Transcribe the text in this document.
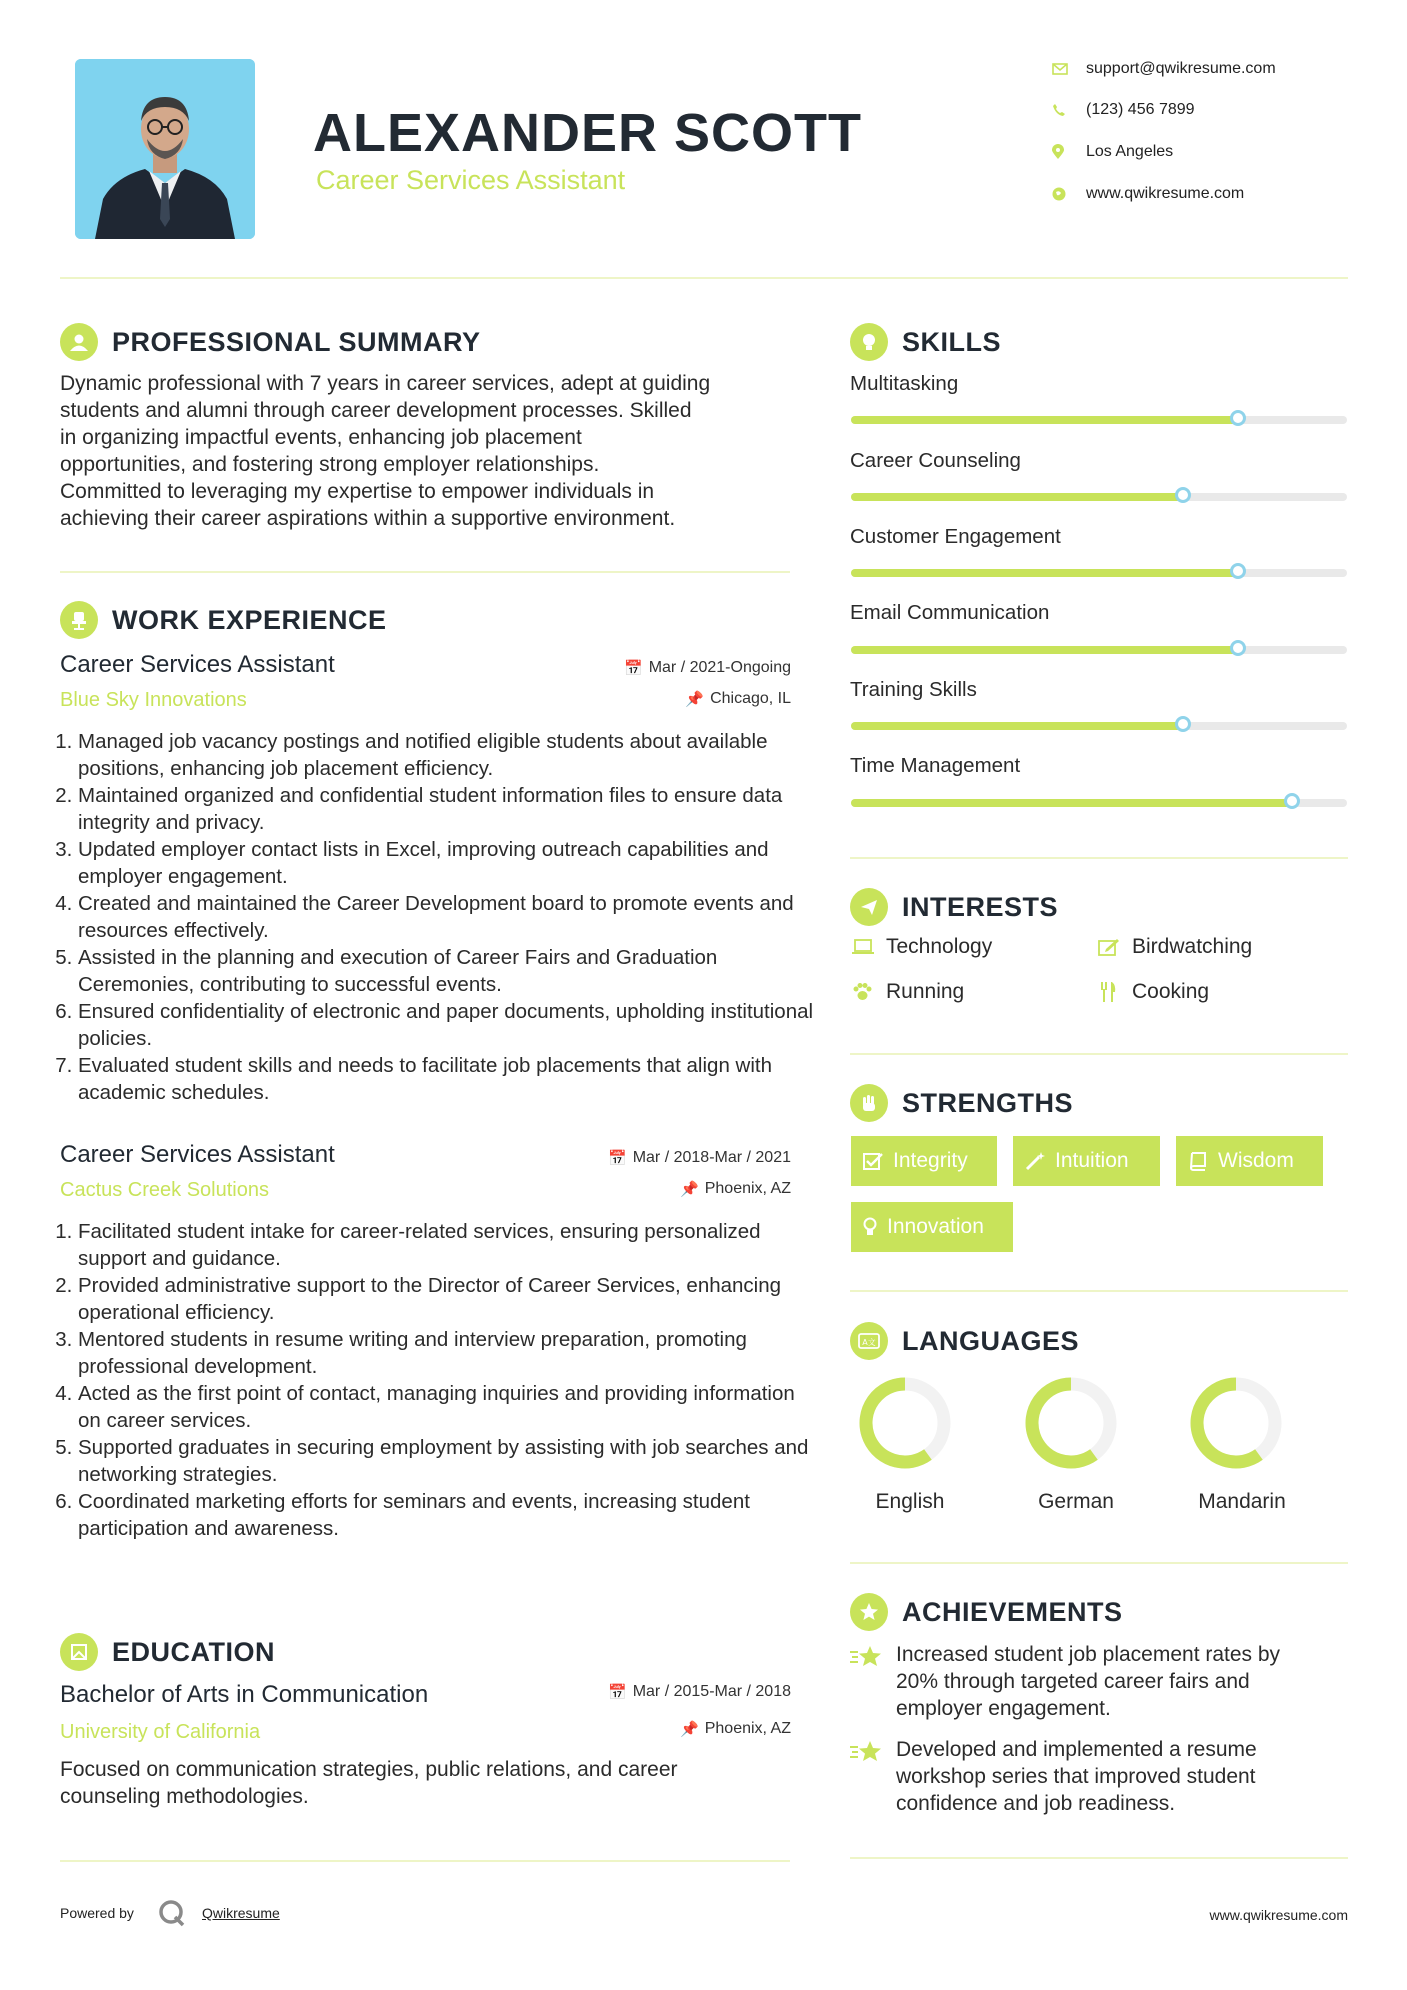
ALEXANDER SCOTT
Career Services Assistant
support@qwikresume.com
(123) 456 7899
Los Angeles
www.qwikresume.com
PROFESSIONAL SUMMARY
Dynamic professional with 7 years in career services, adept at guiding
students and alumni through career development processes. Skilled
in organizing impactful events, enhancing job placement
opportunities, and fostering strong employer relationships.
Committed to leveraging my expertise to empower individuals in
achieving their career aspirations within a supportive environment.
WORK EXPERIENCE
Career Services Assistant
Blue Sky Innovations
📅 Mar / 2021-Ongoing
📌 Chicago, IL
1. Managed job vacancy postings and notified eligible students about available positions, enhancing job placement efficiency.
2. Maintained organized and confidential student information files to ensure data integrity and privacy.
3. Updated employer contact lists in Excel, improving outreach capabilities and employer engagement.
4. Created and maintained the Career Development board to promote events and resources effectively.
5. Assisted in the planning and execution of Career Fairs and Graduation Ceremonies, contributing to successful events.
6. Ensured confidentiality of electronic and paper documents, upholding institutional policies.
7. Evaluated student skills and needs to facilitate job placements that align with academic schedules.
Career Services Assistant
Cactus Creek Solutions
📅 Mar / 2018-Mar / 2021
📌 Phoenix, AZ
1. Facilitated student intake for career-related services, ensuring personalized support and guidance.
2. Provided administrative support to the Director of Career Services, enhancing operational efficiency.
3. Mentored students in resume writing and interview preparation, promoting professional development.
4. Acted as the first point of contact, managing inquiries and providing information on career services.
5. Supported graduates in securing employment by assisting with job searches and networking strategies.
6. Coordinated marketing efforts for seminars and events, increasing student participation and awareness.
EDUCATION
Bachelor of Arts in Communication
University of California
📅 Mar / 2015-Mar / 2018
📌 Phoenix, AZ
Focused on communication strategies, public relations, and career
counseling methodologies.
SKILLS
Multitasking
Career Counseling
Customer Engagement
Email Communication
Training Skills
Time Management
INTERESTS
Technology	Birdwatching
Running	Cooking
STRENGTHS
Integrity	Intuition	Wisdom
Innovation
A文 LANGUAGES
English	German	Mandarin
ACHIEVEMENTS
Increased student job placement rates by
20% through targeted career fairs and
employer engagement.
Developed and implemented a resume
workshop series that improved student
confidence and job readiness.
Powered by	Qwikresume	www.qwikresume.com
